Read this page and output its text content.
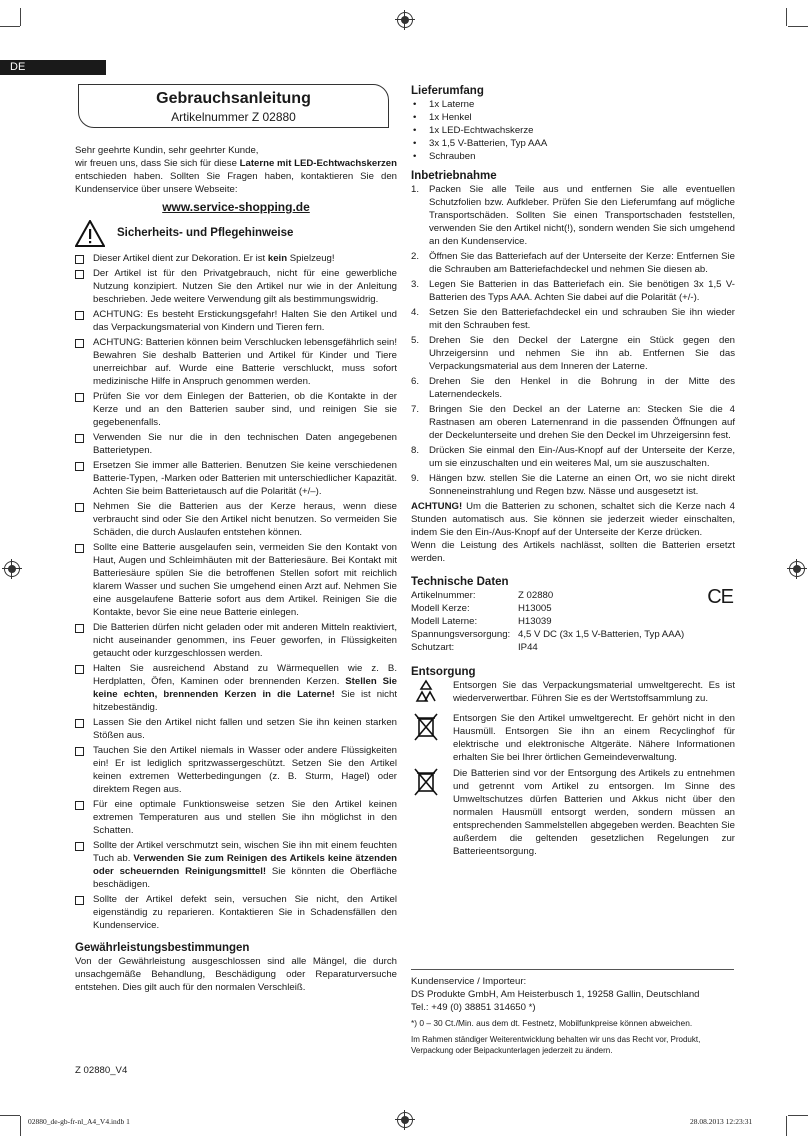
DE
Gebrauchsanleitung
Artikelnummer Z 02880

Sehr geehrte Kundin, sehr geehrter Kunde,

wir freuen uns, dass Sie sich für diese Laterne mit LED-Echtwachskerzen entschieden haben. Sollten Sie Fragen haben, kontaktieren Sie den Kundenservice über unsere Webseite:

www.service-shopping.de

Sicherheits- und Pflegehinweise

Dieser Artikel dient zur Dekoration. Er ist kein Spielzeug!

Der Artikel ist für den Privatgebrauch, nicht für eine gewerbliche Nutzung konzipiert. Nutzen Sie den Artikel nur wie in der Anleitung beschrieben. Jede weitere Verwendung gilt als bestimmungswidrig.

ACHTUNG: Es besteht Erstickungsgefahr! Halten Sie den Artikel und das Verpackungsmaterial von Kindern und Tieren fern.

ACHTUNG: Batterien können beim Verschlucken lebensgefährlich sein! Bewahren Sie deshalb Batterien und Artikel für Kinder und Tiere unerreichbar auf. Wurde eine Batterie verschluckt, muss sofort medizinische Hilfe in Anspruch genommen werden.

Prüfen Sie vor dem Einlegen der Batterien, ob die Kontakte in der Kerze und an den Batterien sauber sind, und reinigen Sie sie gegebenenfalls.

Verwenden Sie nur die in den technischen Daten angegebenen Batterietypen.

Ersetzen Sie immer alle Batterien. Benutzen Sie keine verschiedenen Batterie-Typen, -Marken oder Batterien mit unterschiedlicher Kapazität. Achten Sie beim Batterietausch auf die Polarität (+/–).

Nehmen Sie die Batterien aus der Kerze heraus, wenn diese verbraucht sind oder Sie den Artikel nicht benutzen. So vermeiden Sie Schäden, die durch Auslaufen entstehen können.

Sollte eine Batterie ausgelaufen sein, vermeiden Sie den Kontakt von Haut, Augen und Schleimhäuten mit der Batteriesäure. Bei Kontakt mit Batteriesäure spülen Sie die betroffenen Stellen sofort mit reichlich klarem Wasser und suchen Sie umgehend einen Arzt auf. Nehmen Sie eine ausgelaufene Batterie sofort aus dem Artikel. Reinigen Sie die Kontakte, bevor Sie eine neue Batterie einlegen.

Die Batterien dürfen nicht geladen oder mit anderen Mitteln reaktiviert, nicht auseinander genommen, ins Feuer geworfen, in Flüssigkeiten getaucht oder kurzgeschlossen werden.

Halten Sie ausreichend Abstand zu Wärmequellen wie z. B. Herdplatten, Öfen, Kaminen oder brennenden Kerzen. Stellen Sie keine echten, brennenden Kerzen in die Laterne! Sie ist nicht hitzebeständig.

Lassen Sie den Artikel nicht fallen und setzen Sie ihn keinen starken Stößen aus.

Tauchen Sie den Artikel niemals in Wasser oder andere Flüssigkeiten ein! Er ist lediglich spritzwassergeschützt. Setzen Sie den Artikel keinen extremen Wetterbedingungen (z. B. Sturm, Hagel) oder direktem Regen aus.

Für eine optimale Funktionsweise setzen Sie den Artikel keinen extremen Temperaturen aus und stellen Sie ihn möglichst in den Schatten.

Sollte der Artikel verschmutzt sein, wischen Sie ihn mit einem feuchten Tuch ab. Verwenden Sie zum Reinigen des Artikels keine ätzenden oder scheuernden Reinigungsmittel! Sie könnten die Oberfläche beschädigen.

Sollte der Artikel defekt sein, versuchen Sie nicht, den Artikel eigenständig zu reparieren. Kontaktieren Sie in Schadensfällen den Kundenservice.

Gewährleistungsbestimmungen

Von der Gewährleistung ausgeschlossen sind alle Mängel, die durch unsachgemäße Behandlung, Beschädigung oder Reparaturversuche entstehen. Dies gilt auch für den normalen Verschleiß.

Z 02880_V4
Lieferumfang

• 1x Laterne

• 1x Henkel

• 1x LED-Echtwachskerze

• 3x 1,5 V-Batterien, Typ AAA

• Schrauben

Inbetriebnahme

1. Packen Sie alle Teile aus und entfernen Sie alle eventuellen Schutzfolien bzw. Aufkleber. Prüfen Sie den Lieferumfang auf mögliche Transportschäden. Sollten Sie einen Transportschaden feststellen, verwenden Sie den Artikel nicht(!), sondern wenden Sie sich umgehend an den Kundenservice.

2. Öffnen Sie das Batteriefach auf der Unterseite der Kerze: Entfernen Sie die Schrauben am Batteriefachdeckel und nehmen Sie diesen ab.

3. Legen Sie Batterien in das Batteriefach ein. Sie benötigen 3x 1,5 V-Batterien des Typs AAA. Achten Sie dabei auf die Polarität (+/-).

4. Setzen Sie den Batteriefachdeckel ein und schrauben Sie ihn wieder mit den Schrauben fest.

5. Drehen Sie den Deckel der Latergne ein Stück gegen den Uhrzeigersinn und nehmen Sie ihn ab. Entfernen Sie das Verpackungsmaterial aus dem Inneren der Laterne.

6. Drehen Sie den Henkel in die Bohrung in der Mitte des Laternendeckels.

7. Bringen Sie den Deckel an der Laterne an: Stecken Sie die 4 Rastnasen am oberen Laternenrand in die passenden Öffnungen auf der Deckelunterseite und drehen Sie den Deckel im Uhrzeigersinn fest.

8. Drücken Sie einmal den Ein-/Aus-Knopf auf der Unterseite der Kerze, um sie einzuschalten und ein weiteres Mal, um sie auszuschalten.

9. Hängen bzw. stellen Sie die Laterne an einen Ort, wo sie nicht direkt Sonneneinstrahlung und Regen bzw. Nässe und ausgesetzt ist.

ACHTUNG! Um die Batterien zu schonen, schaltet sich die Kerze nach 4 Stunden automatisch aus. Sie können sie jederzeit wieder einschalten, indem Sie den Ein-/Aus-Knopf auf der Unterseite der Kerze drücken.

Wenn die Leistung des Artikels nachlässt, sollten die Batterien ersetzt werden.

Technische Daten
Artikelnummer:	Z 02880
Modell Kerze:	H13005
Modell Laterne:	H13039
Spannungsversorgung:	4,5 V DC (3x 1,5 V-Batterien, Typ AAA)
Schutzart:	IP44
CE
Entsorgung

Entsorgen Sie das Verpackungsmaterial umweltgerecht. Es ist wiederverwertbar. Führen Sie es der Wertstoffsammlung zu.

Entsorgen Sie den Artikel umweltgerecht. Er gehört nicht in den Hausmüll. Entsorgen Sie ihn an einem Recyclinghof für elektrische und elektronische Altgeräte. Nähere Informationen erhalten Sie bei Ihrer örtlichen Gemeindeverwaltung.

Die Batterien sind vor der Entsorgung des Artikels zu entnehmen und getrennt vom Artikel zu entsorgen. Im Sinne des Umweltschutzes dürfen Batterien und Akkus nicht über den normalen Hausmüll entsorgt werden, sondern müssen an entsprechenden Sammelstellen abgegeben werden. Beachten Sie außerdem die geltenden gesetzlichen Regelungen zur Batterieentsorgung.

Kundenservice / Importeur:

DS Produkte GmbH, Am Heisterbusch 1, 19258 Gallin, Deutschland

Tel.: +49 (0) 38851 314650 *)

*) 0 – 30 Ct./Min. aus dem dt. Festnetz, Mobilfunkpreise können abweichen.

Im Rahmen ständiger Weiterentwicklung behalten wir uns das Recht vor, Produkt, Verpackung oder Beipackunterlagen jederzeit zu ändern.

02880_de-gb-fr-nl_A4_V4.indb 1	28.08.2013 12:23:31
